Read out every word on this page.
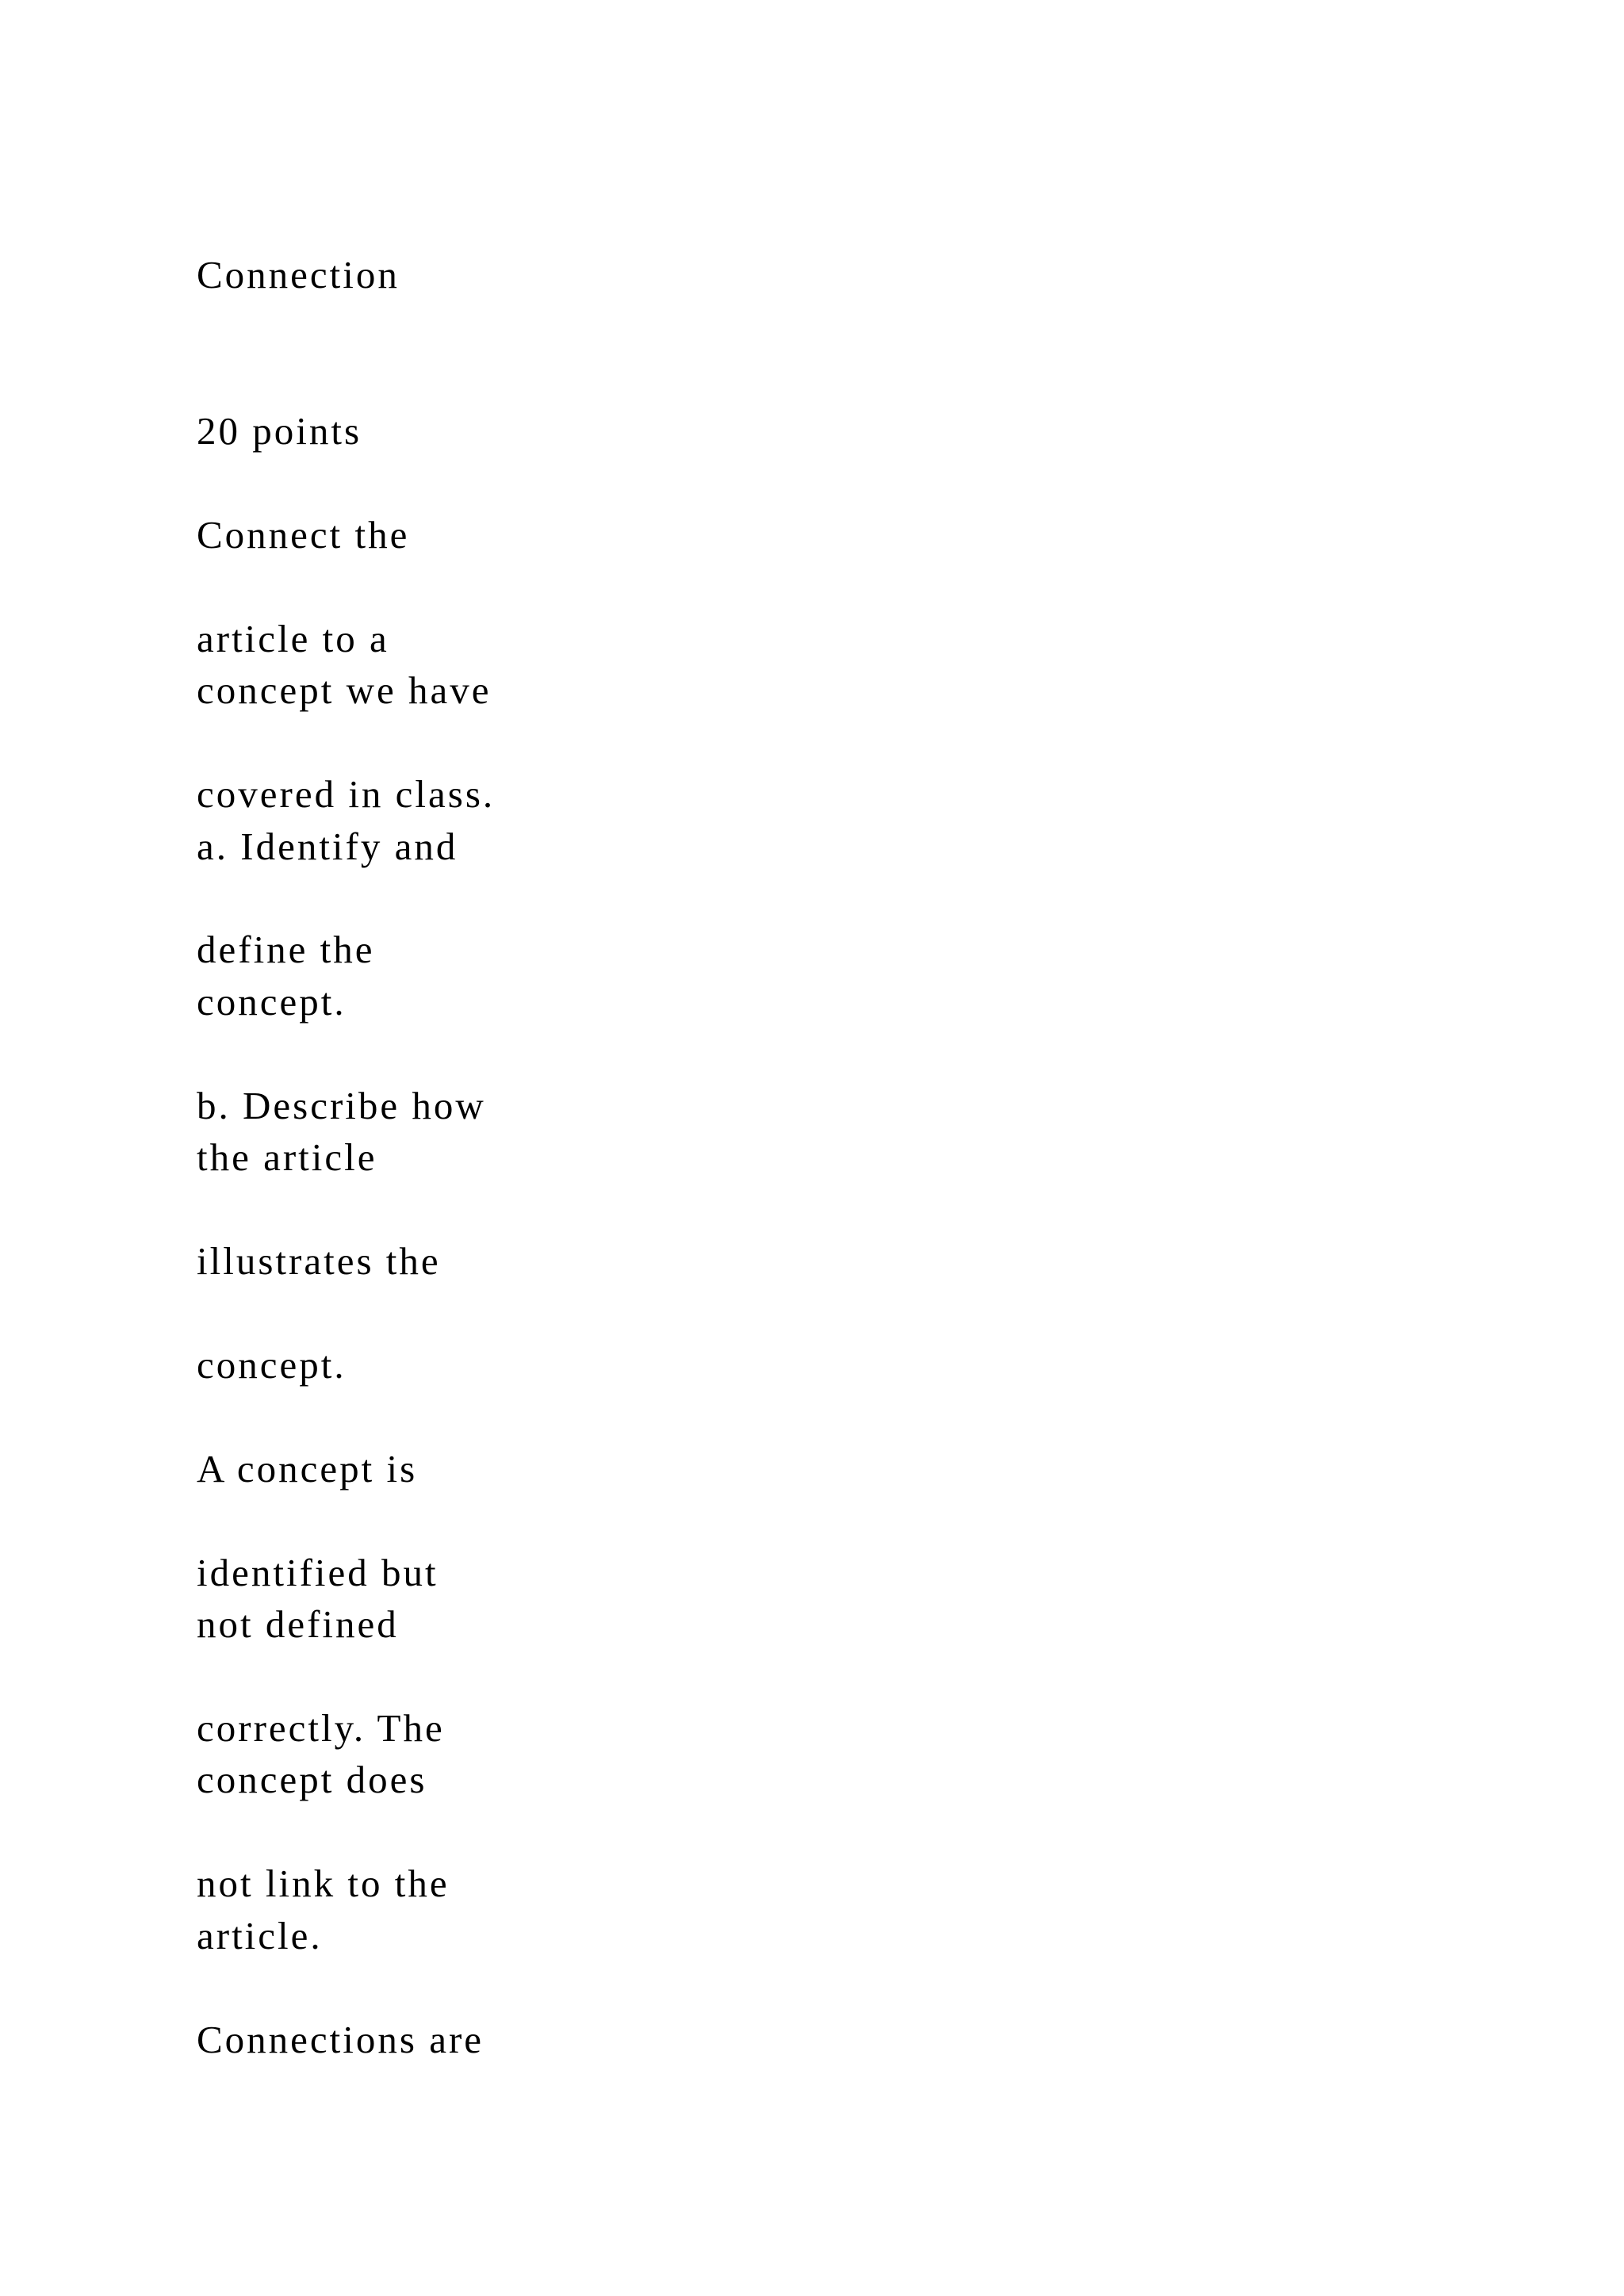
Connection
20 points
Connect the
article to a
concept we have
covered in class.
a. Identify and
define the
concept.
b. Describe how
the article
illustrates the
concept.
A concept is
identified but
not defined
correctly. The
concept does
not link to the
article.
Connections are
